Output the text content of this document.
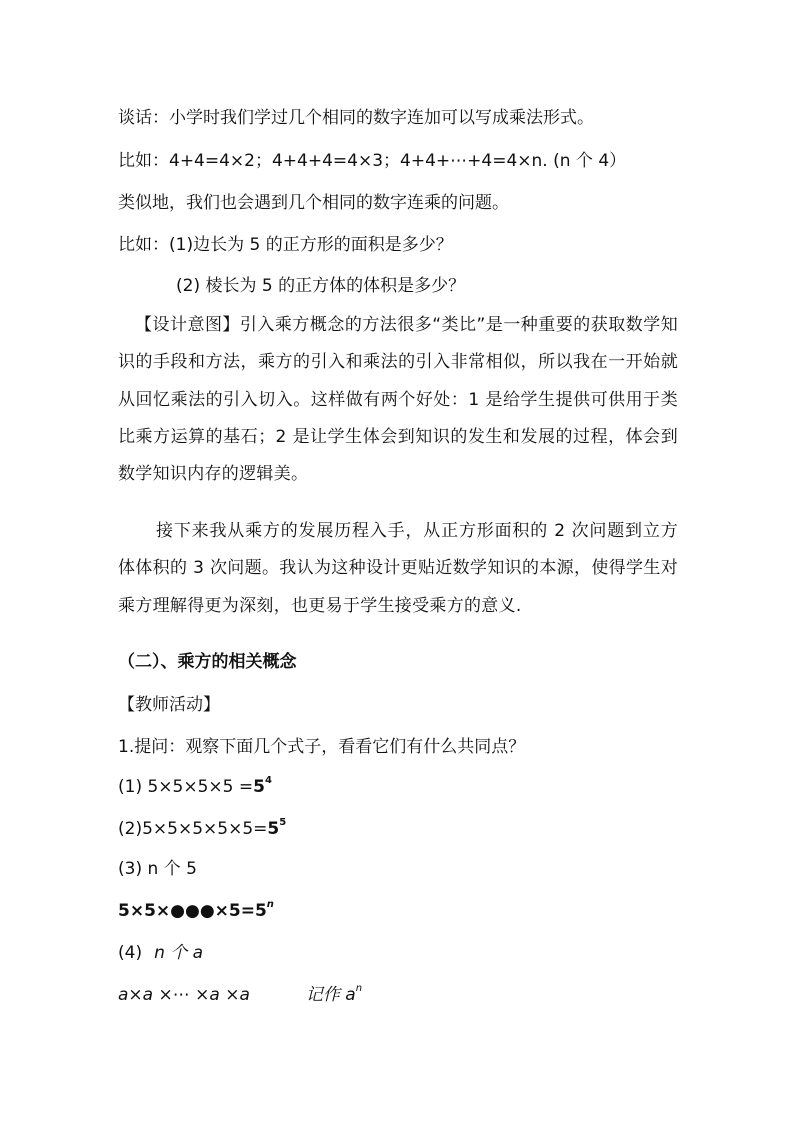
谈话：小学时我们学过几个相同的数字连加可以写成乘法形式。
比如：4+4=4×2；4+4+4=4×3；4+4+⋯+4=4×n. (n 个 4）
类似地，我们也会遇到几个相同的数字连乘的问题。
比如：(1)边长为 5 的正方形的面积是多少？
(2) 棱长为 5 的正方体的体积是多少？
【设计意图】引入乘方概念的方法很多“类比”是一种重要的获取数学知识的手段和方法，乘方的引入和乘法的引入非常相似，所以我在一开始就从回忆乘法的引入切入。这样做有两个好处：1 是给学生提供可供用于类比乘方运算的基石；2 是让学生体会到知识的发生和发展的过程，体会到数学知识内存的逻辑美。
接下来我从乘方的发展历程入手，从正方形面积的 2 次问题到立方体体积的 3 次问题。我认为这种设计更贴近数学知识的本源，使得学生对乘方理解得更为深刻，也更易于学生接受乘方的意义.
（二）、乘方的相关概念
【教师活动】
1.提问：观察下面几个式子，看看它们有什么共同点？
(1) $5\times 5\times 5\times 5 =5^4$
$(2)5\times 5\times 5\times 5\times 5=5^5$
(3) n 个 5
$5\times 5\times●●●\times 5=5^n$
(4) n 个 a
a×a ×⋯ ×a ×a	记作 $a^n$
